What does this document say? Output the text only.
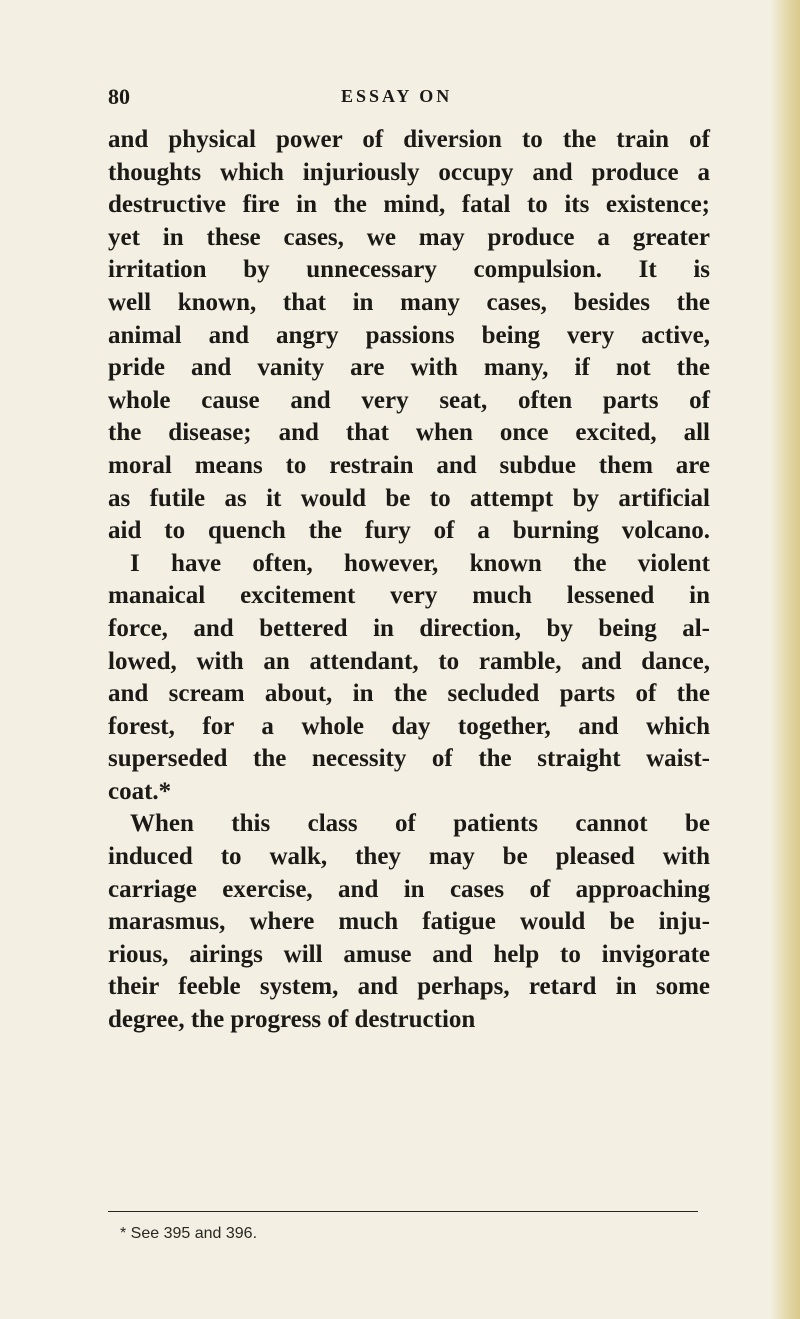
80	ESSAY ON
and physical power of diversion to the train of
thoughts which injuriously occupy and produce a
destructive fire in the mind, fatal to its existence;
yet in these cases, we may produce a greater
irritation by unnecessary compulsion. It is
well known, that in many cases, besides the
animal and angry passions being very active,
pride and vanity are with many, if not the
whole cause and very seat, often parts of
the disease; and that when once excited, all
moral means to restrain and subdue them are
as futile as it would be to attempt by artificial
aid to quench the fury of a burning volcano.
I have often, however, known the violent
manaical excitement very much lessened in
force, and bettered in direction, by being al-
lowed, with an attendant, to ramble, and dance,
and scream about, in the secluded parts of the
forest, for a whole day together, and which
superseded the necessity of the straight waist-
coat.*
When this class of patients cannot be
induced to walk, they may be pleased with
carriage exercise, and in cases of approaching
marasmus, where much fatigue would be inju-
rious, airings will amuse and help to invigorate
their feeble system, and perhaps, retard in some
degree, the progress of destruction
* See 395 and 396.
